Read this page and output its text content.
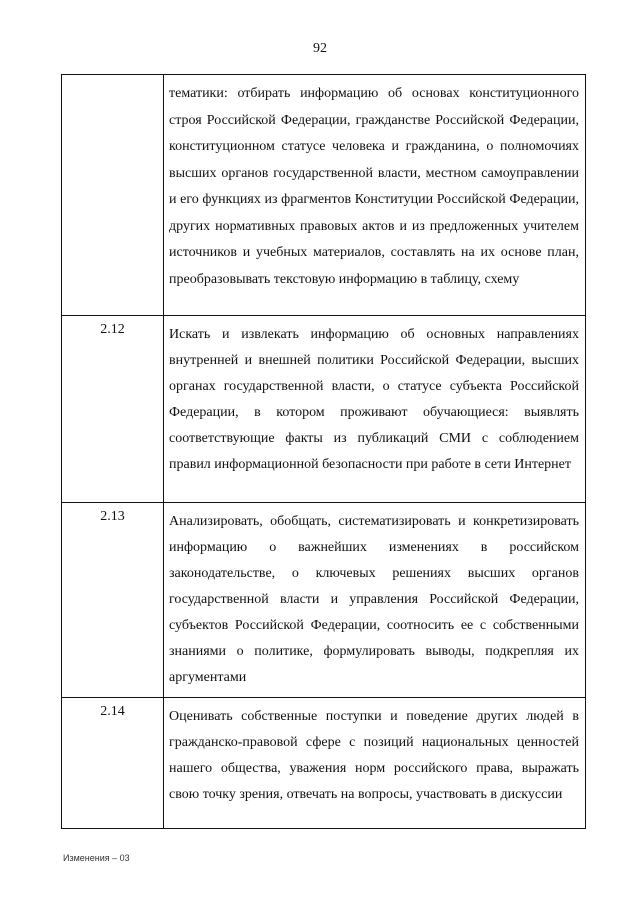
92

	тематики: отбирать информацию об основах конституционного строя Российской Федерации, гражданстве Российской Федерации, конституционном статусе человека и гражданина, о полномочиях высших органов государственной власти, местном самоуправлении и его функциях из фрагментов Конституции Российской Федерации, других нормативных правовых актов и из предложенных учителем источников и учебных материалов, составлять на их основе план, преобразовывать текстовую информацию в таблицу, схему

2.12	Искать и извлекать информацию об основных направлениях внутренней и внешней политики Российской Федерации, высших органах государственной власти, о статусе субъекта Российской Федерации, в котором проживают обучающиеся: выявлять соответствующие факты из публикаций СМИ с соблюдением правил информационной безопасности при работе в сети Интернет

2.13	Анализировать, обобщать, систематизировать и конкретизировать информацию о важнейших изменениях в российском законодательстве, о ключевых решениях высших органов государственной власти и управления Российской Федерации, субъектов Российской Федерации, соотносить ее с собственными знаниями о политике, формулировать выводы, подкрепляя их аргументами

2.14	Оценивать собственные поступки и поведение других людей в гражданско-правовой сфере с позиций национальных ценностей нашего общества, уважения норм российского права, выражать свою точку зрения, отвечать на вопросы, участвовать в дискуссии

Изменения – 03
